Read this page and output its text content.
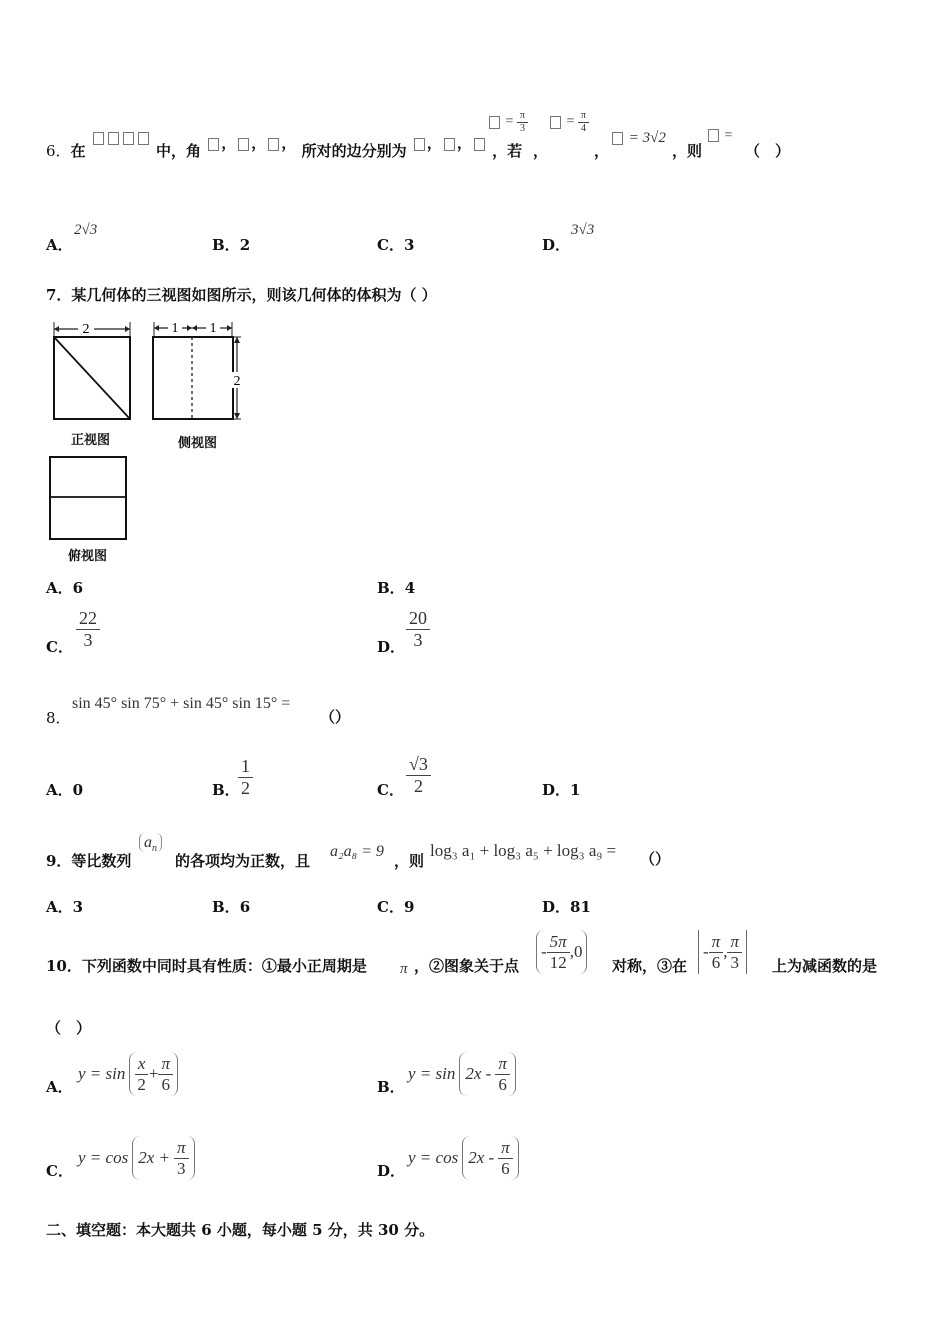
6．在	中，角 ， ， ， 所对的边分别为 ， ， ，若
= $\frac{\pi}{3}$	= $\frac{\pi}{4}$
= 3√2
，	，	，则
=
（　）
A．
2√3
B．2	C．3	D．
3√3
7．某几何体的三视图如图所示，则该几何体的体积为（ ）
2	1 1
2
正视图	侧视图
俯视图
A．6	B．4
C． $\frac{22}{3}$	D． $\frac{20}{3}$
8．
sin 45° sin 75° + sin 45° sin 15° =
（）
A．0	B．
$\frac{1}{2}$	C． $\frac{√3}{2}$	D．1
9．等比数列
$a_n$
的各项均为正数，且
a₂a₈ = 9
，则
log₃ a₁ + log₃ a₅ + log₃ a₉ = （）
A．3	B．6	C．9	D．81
10．下列函数中同时具有性质：①最小正周期是 π ，②图象关于点
- $\frac{5\pi}{12} ,0$
对称，③在
- $\frac{\pi}{6}$ , $\frac{\pi}{3}$ 上为减函数的是
（　）
A．
$y = \sin \frac{x}{2} + \frac{\pi}{6}$	B．
$y = \sin 2x - \frac{\pi}{6}$
C．
$y = \cos 2x + \frac{\pi}{3}$	D．
$y = \cos 2x - \frac{\pi}{6}$
二、填空题：本大题共 6 小题，每小题 5 分，共 30 分。
